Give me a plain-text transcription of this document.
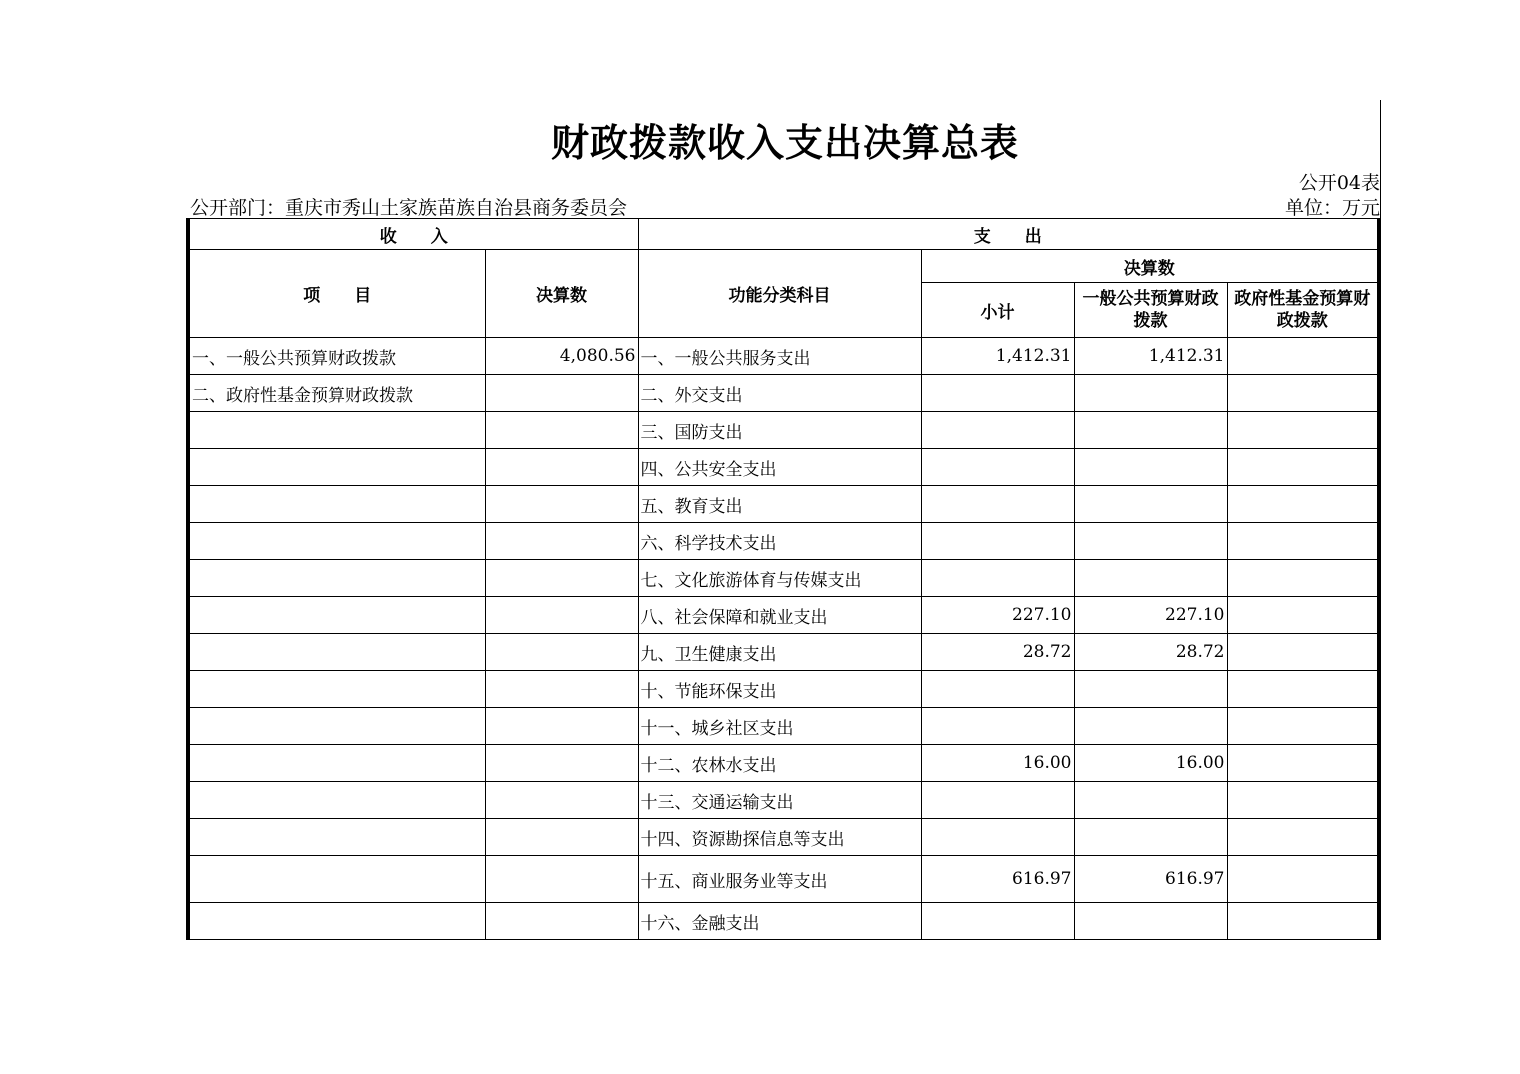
财政拨款收入支出决算总表
公开04表
公开部门：重庆市秀山土家族苗族自治县商务委员会	单位：万元
收　　入		支　　出			
项　　目	决算数	功能分类科目	决算数		
			小计	一般公共预算财政拨款	政府性基金预算财政拨款
一、一般公共预算财政拨款	4,080.56	一、一般公共服务支出	1,412.31	1,412.31	
二、政府性基金预算财政拨款		二、外交支出			
		三、国防支出			
		四、公共安全支出			
		五、教育支出			
		六、科学技术支出			
		七、文化旅游体育与传媒支出			
		八、社会保障和就业支出	227.10	227.10	
		九、卫生健康支出	28.72	28.72	
		十、节能环保支出			
		十一、城乡社区支出			
		十二、农林水支出	16.00	16.00	
		十三、交通运输支出			
		十四、资源勘探信息等支出			
		十五、商业服务业等支出	616.97	616.97	
		十六、金融支出			
